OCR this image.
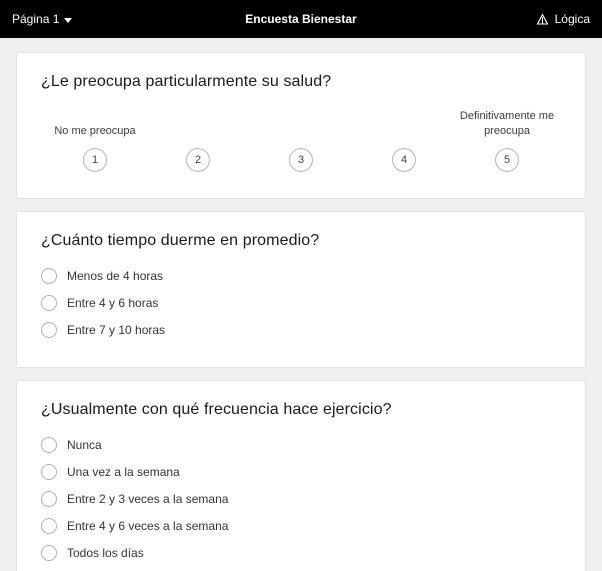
Página 1	Encuesta Bienestar	Lógica
¿Le preocupa particularmente su salud?
No me preocupa
1	2	3	4
Definitivamente me preocupa
5
¿Cuánto tiempo duerme en promedio?
Menos de 4 horas
Entre 4 y 6 horas
Entre 7 y 10 horas
¿Usualmente con qué frecuencia hace ejercicio?
Nunca
Una vez a la semana
Entre 2 y 3 veces a la semana
Entre 4 y 6 veces a la semana
Todos los días
